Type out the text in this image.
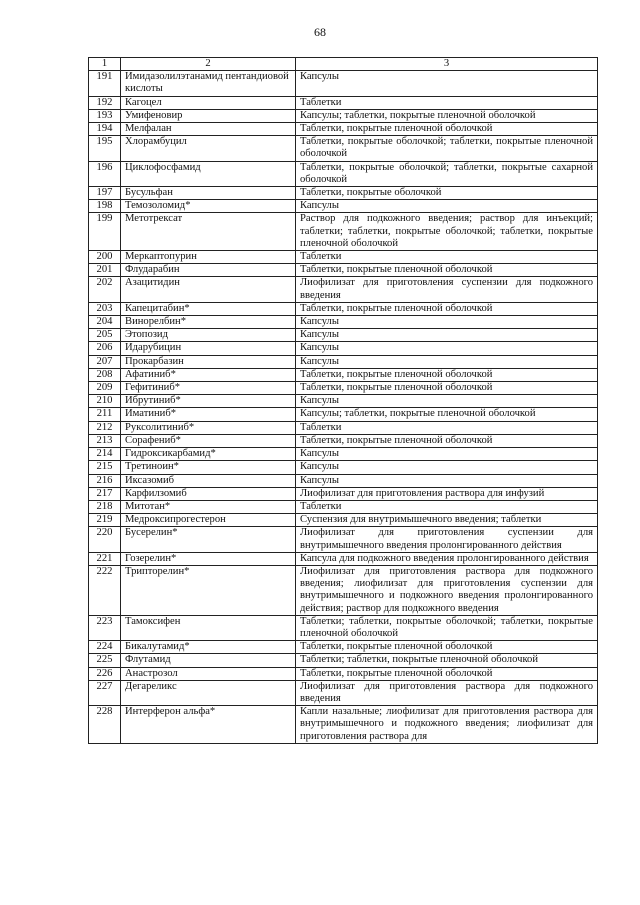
68
1	2	3
191	Имидазолилэтанамид пентандиовой кислоты	Капсулы
192	Кагоцел	Таблетки
193	Умифеновир	Капсулы; таблетки, покрытые пленочной оболочкой
194	Мелфалан	Таблетки, покрытые пленочной оболочкой
195	Хлорамбуцил	Таблетки, покрытые оболочкой; таблетки, покрытые пленочной оболочкой
196	Циклофосфамид	Таблетки, покрытые оболочкой; таблетки, покрытые сахарной оболочкой
197	Бусульфан	Таблетки, покрытые оболочкой
198	Темозоломид*	Капсулы
199	Метотрексат	Раствор для подкожного введения; раствор для инъекций; таблетки; таблетки, покрытые оболочкой; таблетки, покрытые пленочной оболочкой
200	Меркаптопурин	Таблетки
201	Флударабин	Таблетки, покрытые пленочной оболочкой
202	Азацитидин	Лиофилизат для приготовления суспензии для подкожного введения
203	Капецитабин*	Таблетки, покрытые пленочной оболочкой
204	Винорелбин*	Капсулы
205	Этопозид	Капсулы
206	Идарубицин	Капсулы
207	Прокарбазин	Капсулы
208	Афатиниб*	Таблетки, покрытые пленочной оболочкой
209	Гефитиниб*	Таблетки, покрытые пленочной оболочкой
210	Ибрутиниб*	Капсулы
211	Иматиниб*	Капсулы; таблетки, покрытые пленочной оболочкой
212	Руксолитиниб*	Таблетки
213	Сорафениб*	Таблетки, покрытые пленочной оболочкой
214	Гидроксикарбамид*	Капсулы
215	Третиноин*	Капсулы
216	Иксазомиб	Капсулы
217	Карфилзомиб	Лиофилизат для приготовления раствора для инфузий
218	Митотан*	Таблетки
219	Медроксипрогестерон	Суспензия для внутримышечного введения; таблетки
220	Бусерелин*	Лиофилизат для приготовления суспензии для внутримышечного введения пролонгированного действия
221	Гозерелин*	Капсула для подкожного введения пролонгированного действия
222	Трипторелин*	Лиофилизат для приготовления раствора для подкожного введения; лиофилизат для приготовления суспензии для внутримышечного и подкожного введения пролонгированного действия; раствор для подкожного введения
223	Тамоксифен	Таблетки; таблетки, покрытые оболочкой; таблетки, покрытые пленочной оболочкой
224	Бикалутамид*	Таблетки, покрытые пленочной оболочкой
225	Флутамид	Таблетки; таблетки, покрытые пленочной оболочкой
226	Анастрозол	Таблетки, покрытые пленочной оболочкой
227	Дегареликс	Лиофилизат для приготовления раствора для подкожного введения
228	Интерферон альфа*	Капли назальные; лиофилизат для приготовления раствора для внутримышечного и подкожного введения; лиофилизат для приготовления раствора для
